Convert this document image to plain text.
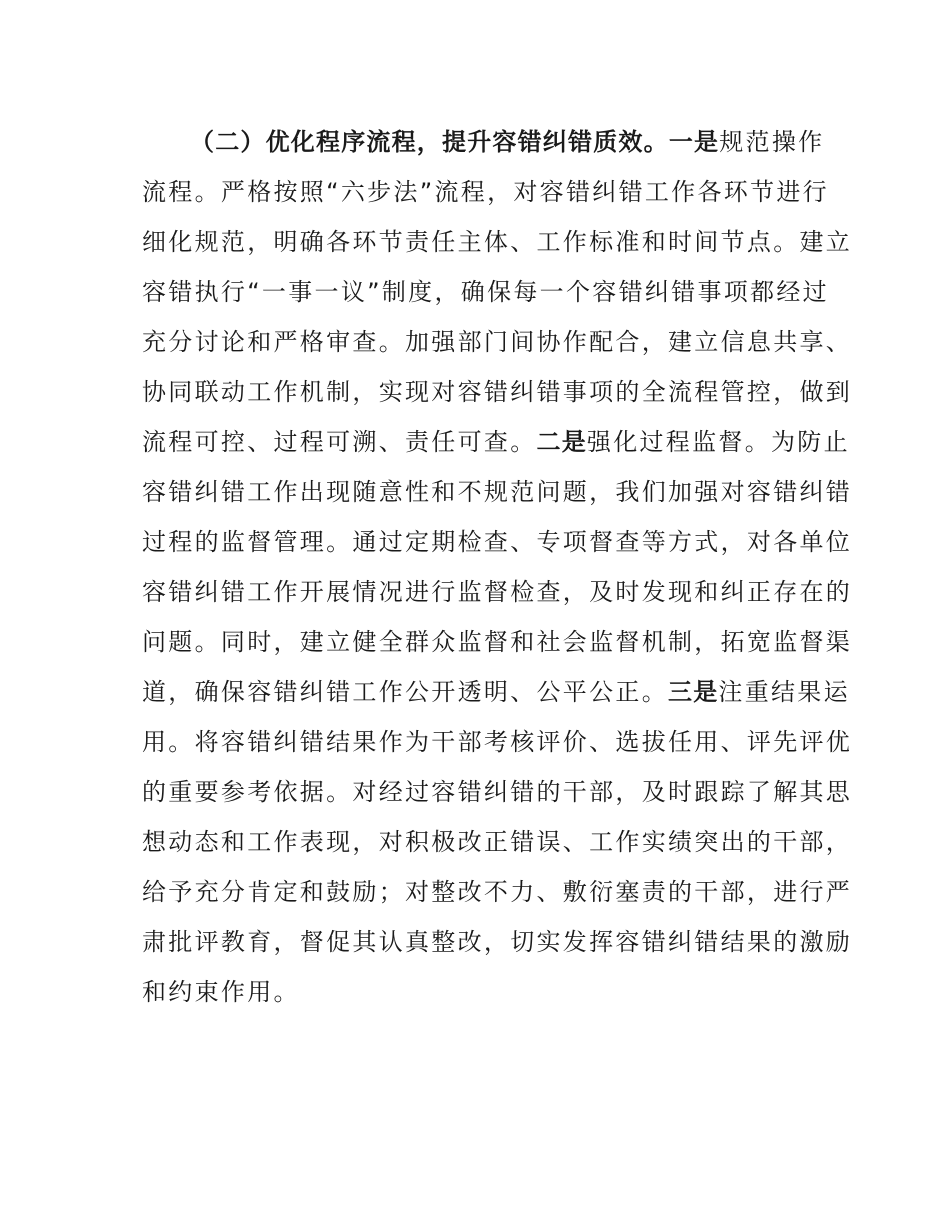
（二）优化程序流程，提升容错纠错质效。一是规范操作
流程。严格按照“六步法”流程，对容错纠错工作各环节进行
细化规范，明确各环节责任主体、工作标准和时间节点。建立
容错执行“一事一议”制度，确保每一个容错纠错事项都经过
充分讨论和严格审查。加强部门间协作配合，建立信息共享、
协同联动工作机制，实现对容错纠错事项的全流程管控，做到
流程可控、过程可溯、责任可查。二是强化过程监督。为防止
容错纠错工作出现随意性和不规范问题，我们加强对容错纠错
过程的监督管理。通过定期检查、专项督查等方式，对各单位
容错纠错工作开展情况进行监督检查，及时发现和纠正存在的
问题。同时，建立健全群众监督和社会监督机制，拓宽监督渠
道，确保容错纠错工作公开透明、公平公正。三是注重结果运
用。将容错纠错结果作为干部考核评价、选拔任用、评先评优
的重要参考依据。对经过容错纠错的干部，及时跟踪了解其思
想动态和工作表现，对积极改正错误、工作实绩突出的干部，
给予充分肯定和鼓励；对整改不力、敷衍塞责的干部，进行严
肃批评教育，督促其认真整改，切实发挥容错纠错结果的激励
和约束作用。
